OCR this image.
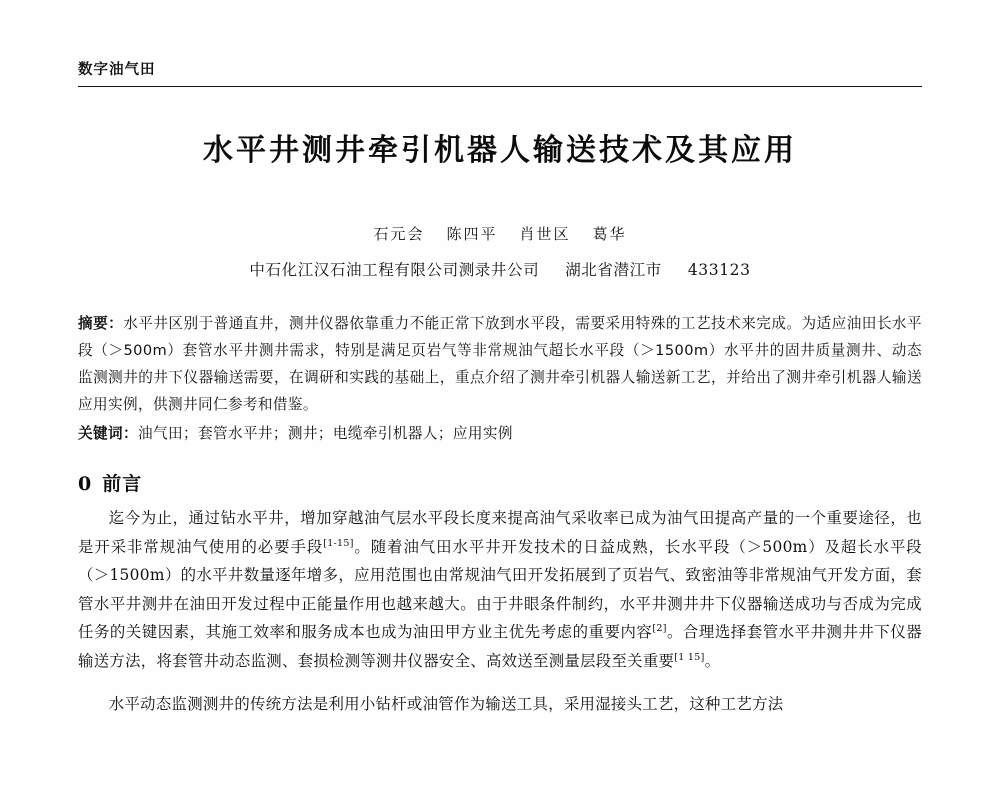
数字油气田
水平井测井牵引机器人输送技术及其应用
石元会 陈四平 肖世区 葛华
中石化江汉石油工程有限公司测录井公司 湖北省潜江市 433123
摘要：水平井区别于普通直井，测井仪器依靠重力不能正常下放到水平段，需要采用特殊的工艺技术来完成。为适应油田长水平段（＞500m）套管水平井测井需求，特别是满足页岩气等非常规油气超长水平段（＞1500m）水平井的固井质量测井、动态监测测井的井下仪器输送需要，在调研和实践的基础上，重点介绍了测井牵引机器人输送新工艺，并给出了测井牵引机器人输送应用实例，供测井同仁参考和借鉴。
关键词：油气田；套管水平井；测井；电缆牵引机器人；应用实例
0 前言

迄今为止，通过钻水平井，增加穿越油气层水平段长度来提高油气采收率已成为油气田提高产量的一个重要途径，也是开采非常规油气使用的必要手段[1-15]。随着油气田水平井开发技术的日益成熟，长水平段（＞500m）及超长水平段（＞1500m）的水平井数量逐年增多，应用范围也由常规油气田开发拓展到了页岩气、致密油等非常规油气开发方面，套管水平井测井在油田开发过程中正能量作用也越来越大。由于井眼条件制约，水平井测井井下仪器输送成功与否成为完成任务的关键因素，其施工效率和服务成本也成为油田甲方业主优先考虑的重要内容[2]。合理选择套管水平井测井井下仪器输送方法，将套管井动态监测、套损检测等测井仪器安全、高效送至测量层段至关重要[1 15]。

水平动态监测测井的传统方法是利用小钻杆或油管作为输送工具，采用湿接头工艺，这种工艺方法
